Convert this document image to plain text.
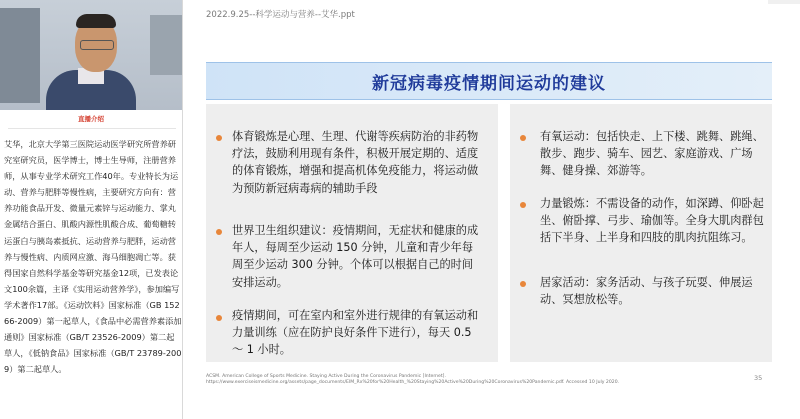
直播介绍
艾华，北京大学第三医院运动医学研究所营养研究室研究员，医学博士，博士生导师，注册营养师，从事专业学术研究工作40年。专业特长为运动、营养与肥胖等慢性病，主要研究方向有：营养功能食品开发、微量元素锌与运动能力、掌丸金属结合蛋白、肌酸内源性肌酸合成、葡萄糖转运蛋白与胰岛素抵抗、运动营养与肥胖，运动营养与慢性病、内质网应激、海马细胞凋亡等。获得国家自然科学基金等研究基金12项，已发表论文100余篇，主译《实用运动营养学》，参加编写学术著作17部。《运动饮料》国家标准（GB 15266-2009）第一起草人，《食品中必需营养素添加通则》国家标准（GB/T 23526-2009）第二起草人，《低钠食品》国家标准（GB/T 23789-2009）第二起草人。
2022.9.25--科学运动与营养--艾华.ppt
新冠病毒疫情期间运动的建议
体育锻炼是心理、生理、代谢等疾病防治的非药物疗法，鼓励利用现有条件，积极开展定期的、适度的体育锻炼，增强和提高机体免疫能力，将运动做为预防新冠病毒病的辅助手段
世界卫生组织建议：疫情期间，无症状和健康的成年人，每周至少运动 150 分钟，儿童和青少年每周至少运动 300 分钟。个体可以根据自己的时间安排运动。
疫情期间，可在室内和室外进行规律的有氧运动和力量训练（应在防护良好条件下进行），每天 0.5 ～ 1 小时。
有氧运动：包括快走、上下楼、跳舞、跳绳、散步、跑步、骑车、园艺、家庭游戏、广场舞、健身操、郊游等。
力量锻炼：不需设备的动作，如深蹲、仰卧起坐、俯卧撑、弓步、瑜伽等。全身大肌肉群包括下半身、上半身和四肢的肌肉抗阻练习。
居家活动：家务活动、与孩子玩耍、伸展运动、冥想放松等。
ACSM. American College of Sports Medicine. Staying Active During the Coronavirus Pandemic [Internet]. https://www.exerciseismedicine.org/assets/page_documents/EIM_Rx%20for%20Health_%20Staying%20Active%20During%20Coronavirus%20Pandemic.pdf. Accessed 10 July 2020.
35
